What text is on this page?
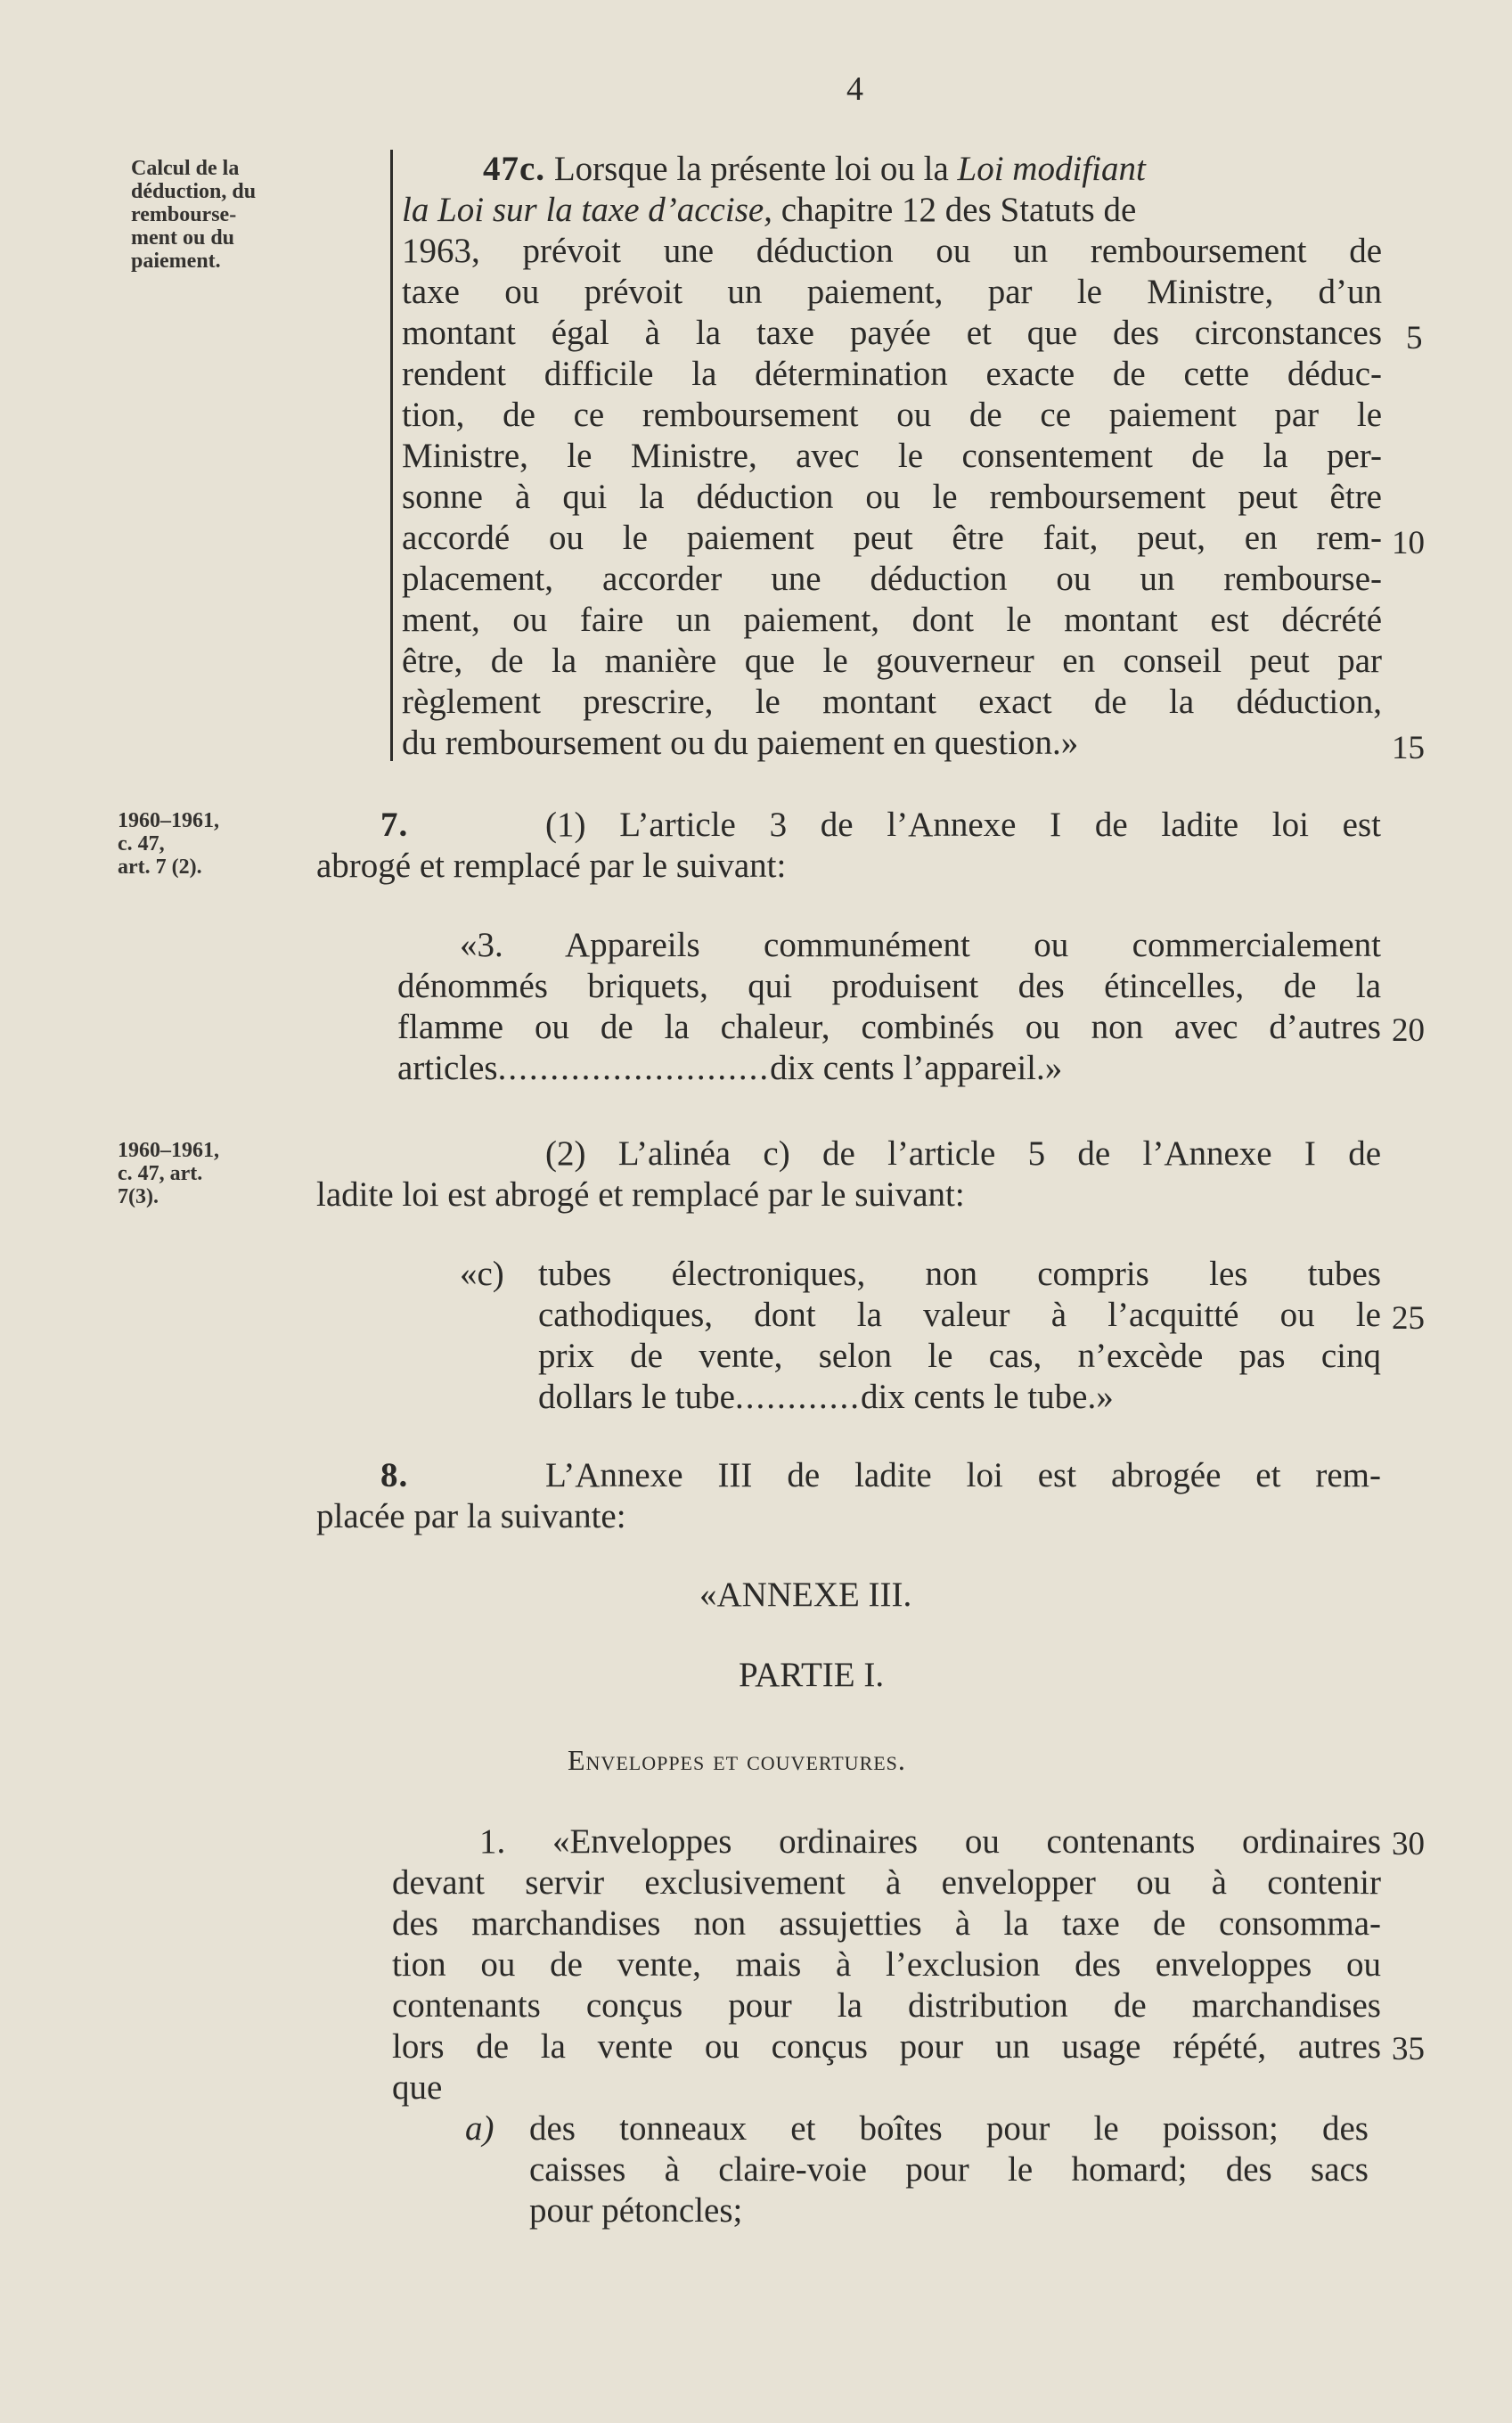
4
Calcul de la
déduction, du
rembourse-
ment ou du
paiement.
1960–1961,
c. 47,
art. 7 (2).
1960–1961,
c. 47, art.
7(3).
47c. Lorsque la présente loi ou la Loi modifiant
la Loi sur la taxe d’accise, chapitre 12 des Statuts de
1963, prévoit une déduction ou un remboursement de
taxe ou prévoit un paiement, par le Ministre, d’un
montant égal à la taxe payée et que des circonstances
rendent difficile la détermination exacte de cette déduc-
tion, de ce remboursement ou de ce paiement par le
Ministre, le Ministre, avec le consentement de la per-
sonne à qui la déduction ou le remboursement peut être
accordé ou le paiement peut être fait, peut, en rem-
placement, accorder une déduction ou un rembourse-
ment, ou faire un paiement, dont le montant est décrété
être, de la manière que le gouverneur en conseil peut par
règlement prescrire, le montant exact de la déduction,
du remboursement ou du paiement en question.»
7.	(1) L’article 3 de l’Annexe I de ladite loi est
abrogé et remplacé par le suivant:
«3. Appareils communément ou commercialement
dénommés briquets, qui produisent des étincelles, de la
flamme ou de la chaleur, combinés ou non avec d’autres
articles..........................dix cents l’appareil.»
(2) L’alinéa c) de l’article 5 de l’Annexe I de
ladite loi est abrogé et remplacé par le suivant:
«c) tubes électroniques, non compris les tubes
cathodiques, dont la valeur à l’acquitté ou le
prix de vente, selon le cas, n’excède pas cinq
dollars le tube............dix cents le tube.»
8.	L’Annexe III de ladite loi est abrogée et rem-
placée par la suivante:
«ANNEXE III.
PARTIE I.
Enveloppes et couvertures.
1. «Enveloppes ordinaires ou contenants ordinaires
devant servir exclusivement à envelopper ou à contenir
des marchandises non assujetties à la taxe de consomma-
tion ou de vente, mais à l’exclusion des enveloppes ou
contenants conçus pour la distribution de marchandises
lors de la vente ou conçus pour un usage répété, autres
que
a) des tonneaux et boîtes pour le poisson; des
caisses à claire-voie pour le homard; des sacs
pour pétoncles;
5
10
15
20
25
30
35
